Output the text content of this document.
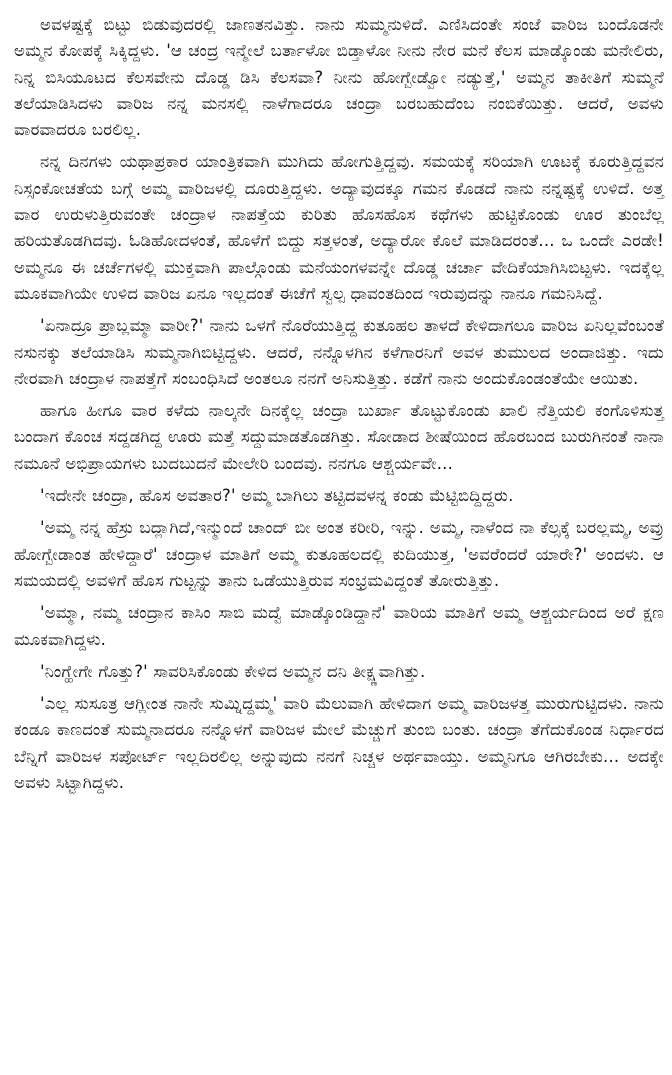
ಅವಳಷ್ಟಕ್ಕೆ ಬಿಟ್ಟು ಬಿಡುವುದರಲ್ಲಿ ಜಾಣತನವಿತ್ತು. ನಾನು ಸುಮ್ಮನುಳಿದೆ. ಎಣಿಸಿದಂತೇ ಸಂಜೆ ವಾರಿಜ ಬಂದೊಡನೇ ಅಮ್ಮನ ಕೋಪಕ್ಕೆ ಸಿಕ್ಕಿದ್ದಳು. 'ಆ ಚಂದ್ರ ಇನ್ಮೇಲೆ ಬರ್ತಾಳೋ ಬಿಡ್ತಾಳೋ ನೀನು ನೇರ ಮನೆ ಕೆಲಸ ಮಾಡ್ಕೊಂಡು ಮನೇಲಿರು, ನಿನ್ನ ಬಿಸಿಯೂಟದ ಕೆಲಸವೇನು ದೊಡ್ಡ ಡಿಸಿ ಕೆಲಸವಾ? ನೀನು ಹೋಗ್ಬೇಡ್ವೋ ನಡ್ಯುತ್ತೆ,' ಅಮ್ಮನ ತಾಕೀತಿಗೆ ಸುಮ್ಮನೆ ತಲೆಯಾಡಿಸಿದಳು ವಾರಿಜ ನನ್ನ ಮನಸಲ್ಲಿ ನಾಳೆಗಾದರೂ ಚಂದ್ರಾ ಬರಬಹುದೆಂಬ ನಂಬಿಕೆಯಿತ್ತು. ಆದರೆ, ಅವಳು ವಾರವಾದರೂ ಬರಲಿಲ್ಲ.

ನನ್ನ ದಿನಗಳು ಯಥಾಪ್ರಕಾರ ಯಾಂತ್ರಿಕವಾಗಿ ಮುಗಿದು ಹೋಗುತ್ತಿದ್ದವು. ಸಮಯಕ್ಕೆ ಸರಿಯಾಗಿ ಊಟಕ್ಕೆ ಕೂರುತ್ತಿದ್ದವನ ನಿಸ್ಸಂಕೋಚತೆಯ ಬಗ್ಗೆ ಅಮ್ಮ ವಾರಿಜಳಲ್ಲಿ ದೂರುತ್ತಿದ್ದಳು. ಅದ್ಯಾವುದಕ್ಕೂ ಗಮನ ಕೊಡದೆ ನಾನು ನನ್ನಷ್ಟಕ್ಕೆ ಉಳಿದೆ. ಅತ್ತ ವಾರ ಉರುಳುತ್ತಿರುವಂತೇ ಚಂದ್ರಾಳ ನಾಪತ್ತೆಯ ಕುರಿತು ಹೊಸಹೊಸ ಕಥೆಗಳು ಹುಟ್ಟಿಕೊಂಡು ಊರ ತುಂಬೆಲ್ಲ ಹರಿಯತೊಡಗಿದವು. ಓಡಿಹೋದಳಂತೆ, ಹೊಳೆಗೆ ಬಿದ್ದು ಸತ್ತಳಂತೆ, ಅದ್ಯಾರೋ ಕೊಲೆ ಮಾಡಿದರಂತೆ... ಒ ಒಂದೇ ಎರಡೇ! ಅಮ್ಮನೂ ಈ ಚರ್ಚೆಗಳಲ್ಲಿ ಮುಕ್ತವಾಗಿ ಪಾಲ್ಗೊಂಡು ಮನೆಯಂಗಳವನ್ನೇ ದೊಡ್ಡ ಚರ್ಚಾ ವೇದಿಕೆಯಾಗಿಸಿಬಿಟ್ಟಳು. ಇದಕ್ಕೆಲ್ಲ ಮೂಕವಾಗಿಯೇ ಉಳಿದ ವಾರಿಜ ಏನೂ ಇಲ್ಲದಂತೆ ಈಚೆಗೆ ಸ್ವಲ್ಪ ಧಾವಂತದಿಂದ ಇರುವುದನ್ನು ನಾನೂ ಗಮನಿಸಿದ್ದೆ.

'ಏನಾದ್ರೂ ಪ್ರಾಬ್ಲಮ್ಮಾ ವಾರೀ?' ನಾನು ಒಳಗೆ ನೊರೆಯುತ್ತಿದ್ದ ಕುತೂಹಲ ತಾಳದೆ ಕೇಳಿದಾಗಲೂ ವಾರಿಜ ಏನಿಲ್ಲವೆಂಬಂತೆ ನಸುನಕ್ಕು ತಲೆಯಾಡಿಸಿ ಸುಮ್ಮನಾಗಿಬಿಟ್ಟಿದ್ದಳು. ಆದರೆ, ನನ್ನೊಳಗಿನ ಕಳೆಗಾರನಿಗೆ ಅವಳ ತುಮುಲದ ಅಂದಾಜಿತ್ತು. ಇದು ನೇರವಾಗಿ ಚಂದ್ರಾಳ ನಾಪತ್ತೆಗೆ ಸಂಬಂಧಿಸಿದೆ ಅಂತಲೂ ನನಗೆ ಅನಿಸುತ್ತಿತ್ತು. ಕಡೆಗೆ ನಾನು ಅಂದುಕೊಂಡಂತೆಯೇ ಆಯಿತು.

ಹಾಗೂ ಹೀಗೂ ವಾರ ಕಳೆದು ನಾಲ್ಕನೇ ದಿನಕ್ಕೆಲ್ಲ ಚಂದ್ರಾ ಬುರ್ಖಾ ತೊಟ್ಟುಕೊಂಡು ಖಾಲಿ ನೆತ್ತಿಯಲಿ ಕಂಗೊಳಿಸುತ್ತ ಬಂದಾಗ ಕೊಂಚ ಸದ್ದಡಗಿದ್ದ ಊರು ಮತ್ತೆ ಸದ್ದುಮಾಡತೊಡಗಿತ್ತು. ಸೋಡಾದ ಶೀಷೆಯಿಂದ ಹೊರಬಂದ ಬುರುಗಿನಂತೆ ನಾನಾ ನಮೂನೆ ಅಭಿಪ್ರಾಯಗಳು ಬುದಬುದನೆ ಮೇಲೇರಿ ಬಂದವು. ನನಗೂ ಆಶ್ಚರ್ಯವೇ...

'ಇದೇನೇ ಚಂದ್ರಾ, ಹೊಸ ಅವತಾರ?' ಅಮ್ಮ ಬಾಗಿಲು ತಟ್ಟಿದವಳನ್ನ ಕಂಡು ಮೆಟ್ಟಿಬಿದ್ದಿದ್ದರು.

'ಅಮ್ಮ ನನ್ನ ಹೆಸ್ರು ಬದ್ಲಾಗಿದೆ,ಇನ್ಮುಂದೆ ಚಾಂದ್ ಬೀ ಅಂತ ಕರೀರಿ, ಇನ್ನು. ಅಮ್ಮ, ನಾಳೆಂದ ನಾ ಕೆಲ್ಸಕ್ಕೆ ಬರಲ್ಲಮ್ಮ, ಅವ್ರು ಹೋಗ್ಬೇಡಾಂತ ಹೇಳಿದ್ದಾರೆ' ಚಂದ್ರಾಳ ಮಾತಿಗೆ ಅಮ್ಮ ಕುತೂಹಲದಲ್ಲಿ ಕುದಿಯುತ್ತ, 'ಅವರೆಂದರೆ ಯಾರೇ?' ಅಂದಳು. ಆ ಸಮಯದಲ್ಲಿ ಅವಳಿಗೆ ಹೊಸ ಗುಟ್ಟನ್ನು ತಾನು ಒಡೆಯುತ್ತಿರುವ ಸಂಭ್ರಮವಿದ್ದಂತೆ ತೋರುತ್ತಿತ್ತು.

'ಅಮ್ಮಾ, ನಮ್ಮ ಚಂದ್ರಾನ ಕಾಸಿಂ ಸಾಬಿ ಮದ್ವೆ ಮಾಡ್ಕೊಂಡಿದ್ದಾನೆ' ವಾರಿಯ ಮಾತಿಗೆ ಅಮ್ಮ ಆಶ್ಚರ್ಯದಿಂದ ಅರೆ ಕ್ಷಣ ಮೂಕವಾಗಿದ್ದಳು.

'ನಿಂಗ್ಹೇಗೇ ಗೊತ್ತು?' ಸಾವರಿಸಿಕೊಂಡು ಕೇಳಿದ ಅಮ್ಮನ ದನಿ ತೀಕ್ಷ್ಣವಾಗಿತ್ತು.

'ಎಲ್ಲ ಸುಸೂತ್ರ ಆಗ್ಲೀಂತ ನಾನೇ ಸುಮ್ನಿದ್ದಮ್ಮ' ವಾರಿ ಮೆಲುವಾಗಿ ಹೇಳಿದಾಗ ಅಮ್ಮ ವಾರಿಜಳತ್ತ ಮುರುಗುಟ್ಟಿದಳು. ನಾನು ಕಂಡೂ ಕಾಣದಂತೆ ಸುಮ್ಮನಾದರೂ ನನ್ನೊಳಗೆ ವಾರಿಜಳ ಮೇಲೆ ಮೆಚ್ಚುಗೆ ತುಂಬಿ ಬಂತು. ಚಂದ್ರಾ ತೆಗೆದುಕೊಂಡ ನಿರ್ಧಾರದ ಬೆನ್ನಿಗೆ ವಾರಿಜಳ ಸಪೋರ್ಟ್ ಇಲ್ಲದಿರಲಿಲ್ಲ ಅನ್ನುವುದು ನನಗೆ ನಿಚ್ಚಳ ಅರ್ಥವಾಯ್ತು. ಅಮ್ಮನಿಗೂ ಆಗಿರಬೇಕು... ಅದಕ್ಕೇ ಅವಳು ಸಿಟ್ಟಾಗಿದ್ದಳು.
